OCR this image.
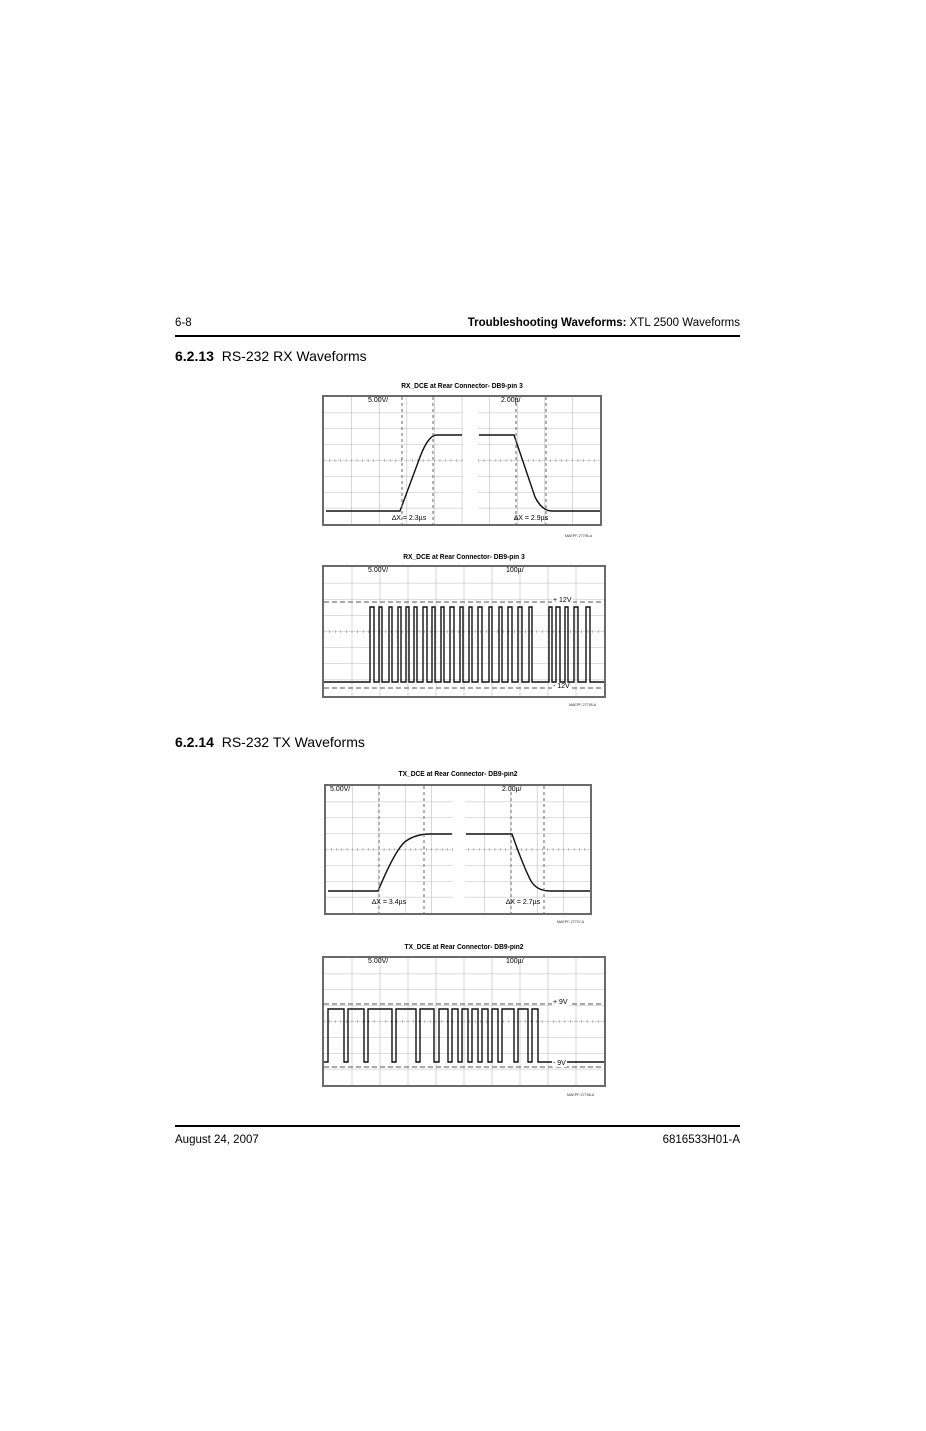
6-8	Troubleshooting Waveforms: XTL 2500 Waveforms
6.2.13 RS-232 RX Waveforms
RX_DCE at Rear Connector- DB9-pin 3
5.00V/	2.00µ/
∆X = 2.3µs	∆X = 2.9µs
MAEPF-27796-A
RX_DCE at Rear Connector- DB9-pin 3
5.00V/	100µ/
+ 12V
- 12V
MAEPF-27795-A
6.2.14 RS-232 TX Waveforms
TX_DCE at Rear Connector- DB9-pin2
5.00V/	2.00µ/
∆X = 3.4µs	∆X = 2.7µs
MAEPF-27797-A
TX_DCE at Rear Connector- DB9-pin2
5.00V/	100µ/
+ 9V
- 9V
MAEPF-27798-A
August 24, 2007	6816533H01-A
